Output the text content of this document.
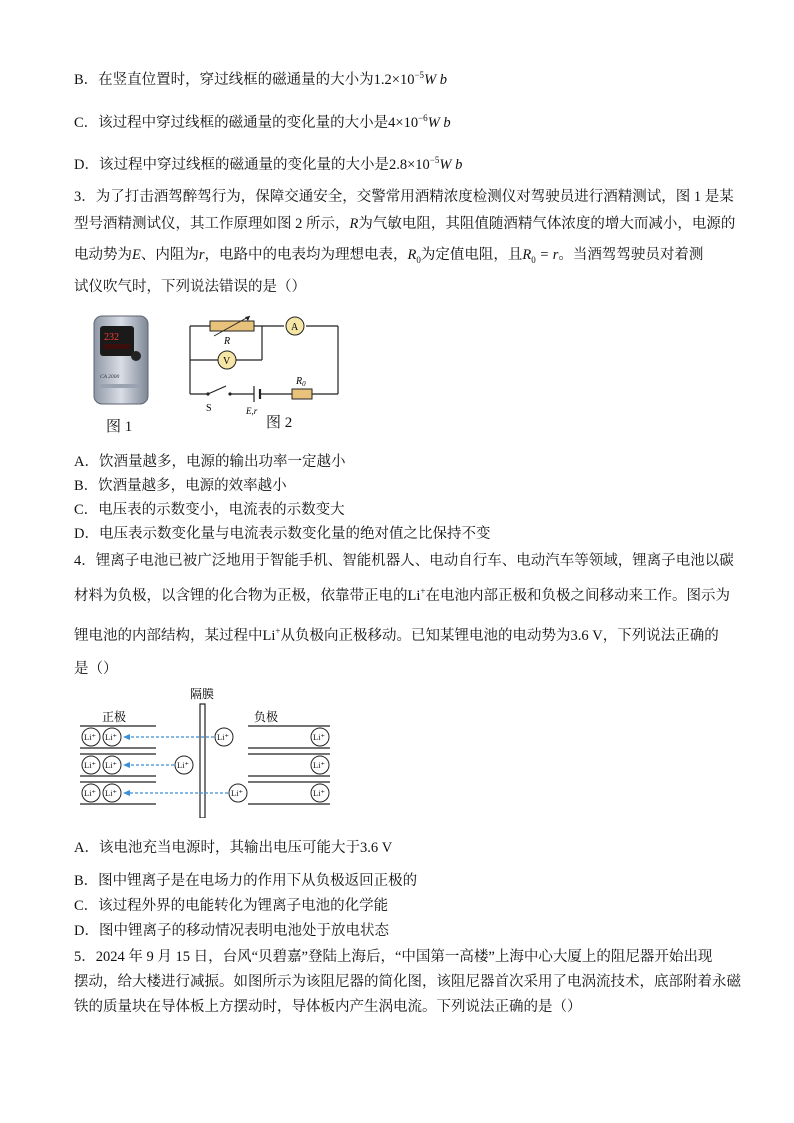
B．在竖直位置时，穿过线框的磁通量的大小为$1.2\times 10^{-5}W$ b
C．该过程中穿过线框的磁通量的变化量的大小是$4\times 10^{-6}W$ b
D．该过程中穿过线框的磁通量的变化量的大小是$2.8\times 10^{-5}W$ b
3．为了打击酒驾醉驾行为，保障交通安全，交警常用酒精浓度检测仪对驾驶员进行酒精测试，图 1 是某
型号酒精测试仪，其工作原理如图 2 所示，R为气敏电阻，其阻值随酒精气体浓度的增大而减小，电源的
电动势为E、内阻为r，电路中的电表均为理想电表，$R_0$为定值电阻，且$R_0 = r$。当酒驾驾驶员对着测
试仪吹气时，下列说法错误的是（）
232
CA 2000
图 1
R
A
V
S	E,r
$R_0$
图 2
A．饮酒量越多，电源的输出功率一定越小
B．饮酒量越多，电源的效率越小
C．电压表的示数变小，电流表的示数变大
D．电压表示数变化量与电流表示数变化量的绝对值之比保持不变
4．锂离子电池已被广泛地用于智能手机、智能机器人、电动自行车、电动汽车等领域，锂离子电池以碳
材料为负极，以含锂的化合物为正极，依靠带正电的Li+在电池内部正极和负极之间移动来工作。图示为
锂电池的内部结构，某过程中Li+从负极向正极移动。已知某锂电池的电动势为3.6 V，下列说法正确的
是（）
隔膜
正极	负极
Li⁺ Li⁺
Li⁺ Li⁺
Li⁺ Li⁺
Li⁺
Li⁺
Li⁺
Li⁺
Li⁺
Li⁺
A．该电池充当电源时，其输出电压可能大于3.6 V
B．图中锂离子是在电场力的作用下从负极返回正极的
C．该过程外界的电能转化为锂离子电池的化学能
D．图中锂离子的移动情况表明电池处于放电状态
5．2024 年 9 月 15 日，台风“贝碧嘉”登陆上海后，“中国第一高楼”上海中心大厦上的阻尼器开始出现
摆动，给大楼进行减振。如图所示为该阻尼器的简化图，该阻尼器首次采用了电涡流技术，底部附着永磁
铁的质量块在导体板上方摆动时，导体板内产生涡电流。下列说法正确的是（）
